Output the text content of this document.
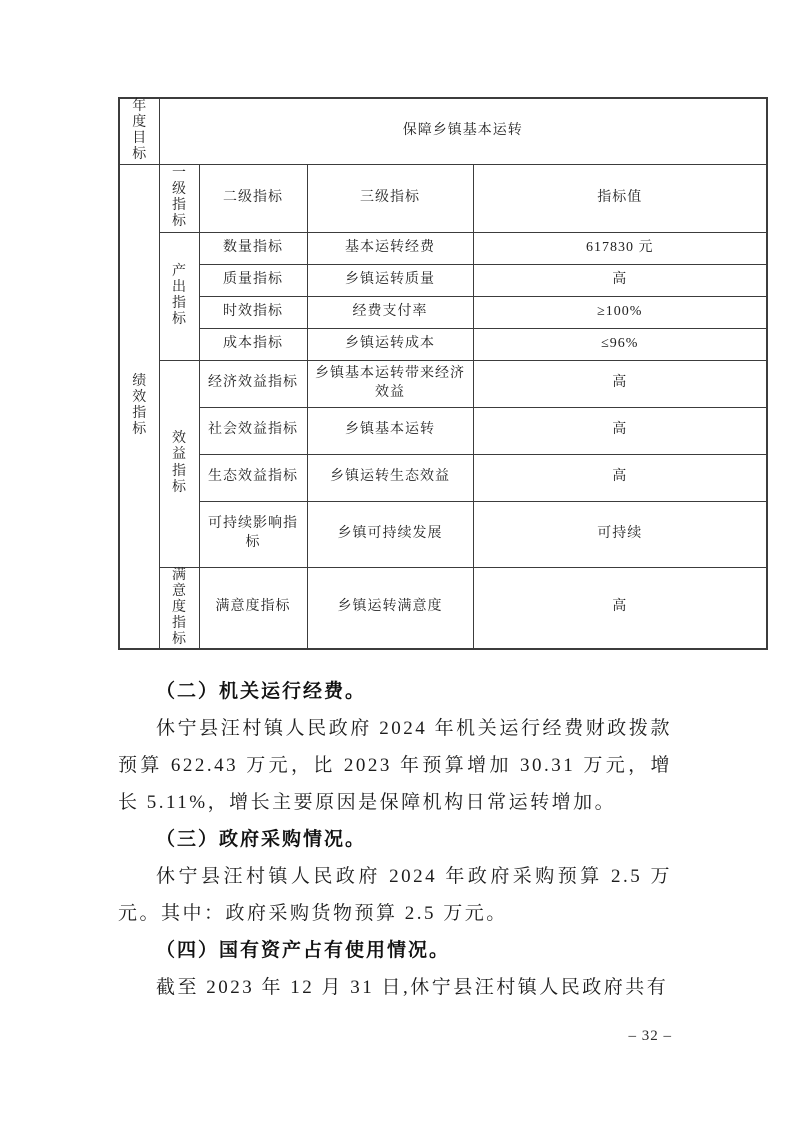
年度目标	保障乡镇基本运转			
绩效指标	一级指标	二级指标	三级指标	指标值
	产出指标	数量指标	基本运转经费	617830 元
		质量指标	乡镇运转质量	高
		时效指标	经费支付率	≥100%
		成本指标	乡镇运转成本	≤96%
	效益指标	经济效益指标	乡镇基本运转带来经济效益	高
		社会效益指标	乡镇基本运转	高
		生态效益指标	乡镇运转生态效益	高
		可持续影响指标	乡镇可持续发展	可持续
	满意度指标	满意度指标	乡镇运转满意度	高

（二）机关运行经费。

休宁县汪村镇人民政府 2024 年机关运行经费财政拨款预算 622.43 万元，比 2023 年预算增加 30.31 万元，增长 5.11%，增长主要原因是保障机构日常运转增加。

（三）政府采购情况。

休宁县汪村镇人民政府 2024 年政府采购预算 2.5 万元。其中：政府采购货物预算 2.5 万元。

（四）国有资产占有使用情况。

截至 2023 年 12 月 31 日,休宁县汪村镇人民政府共有

– 32 –
